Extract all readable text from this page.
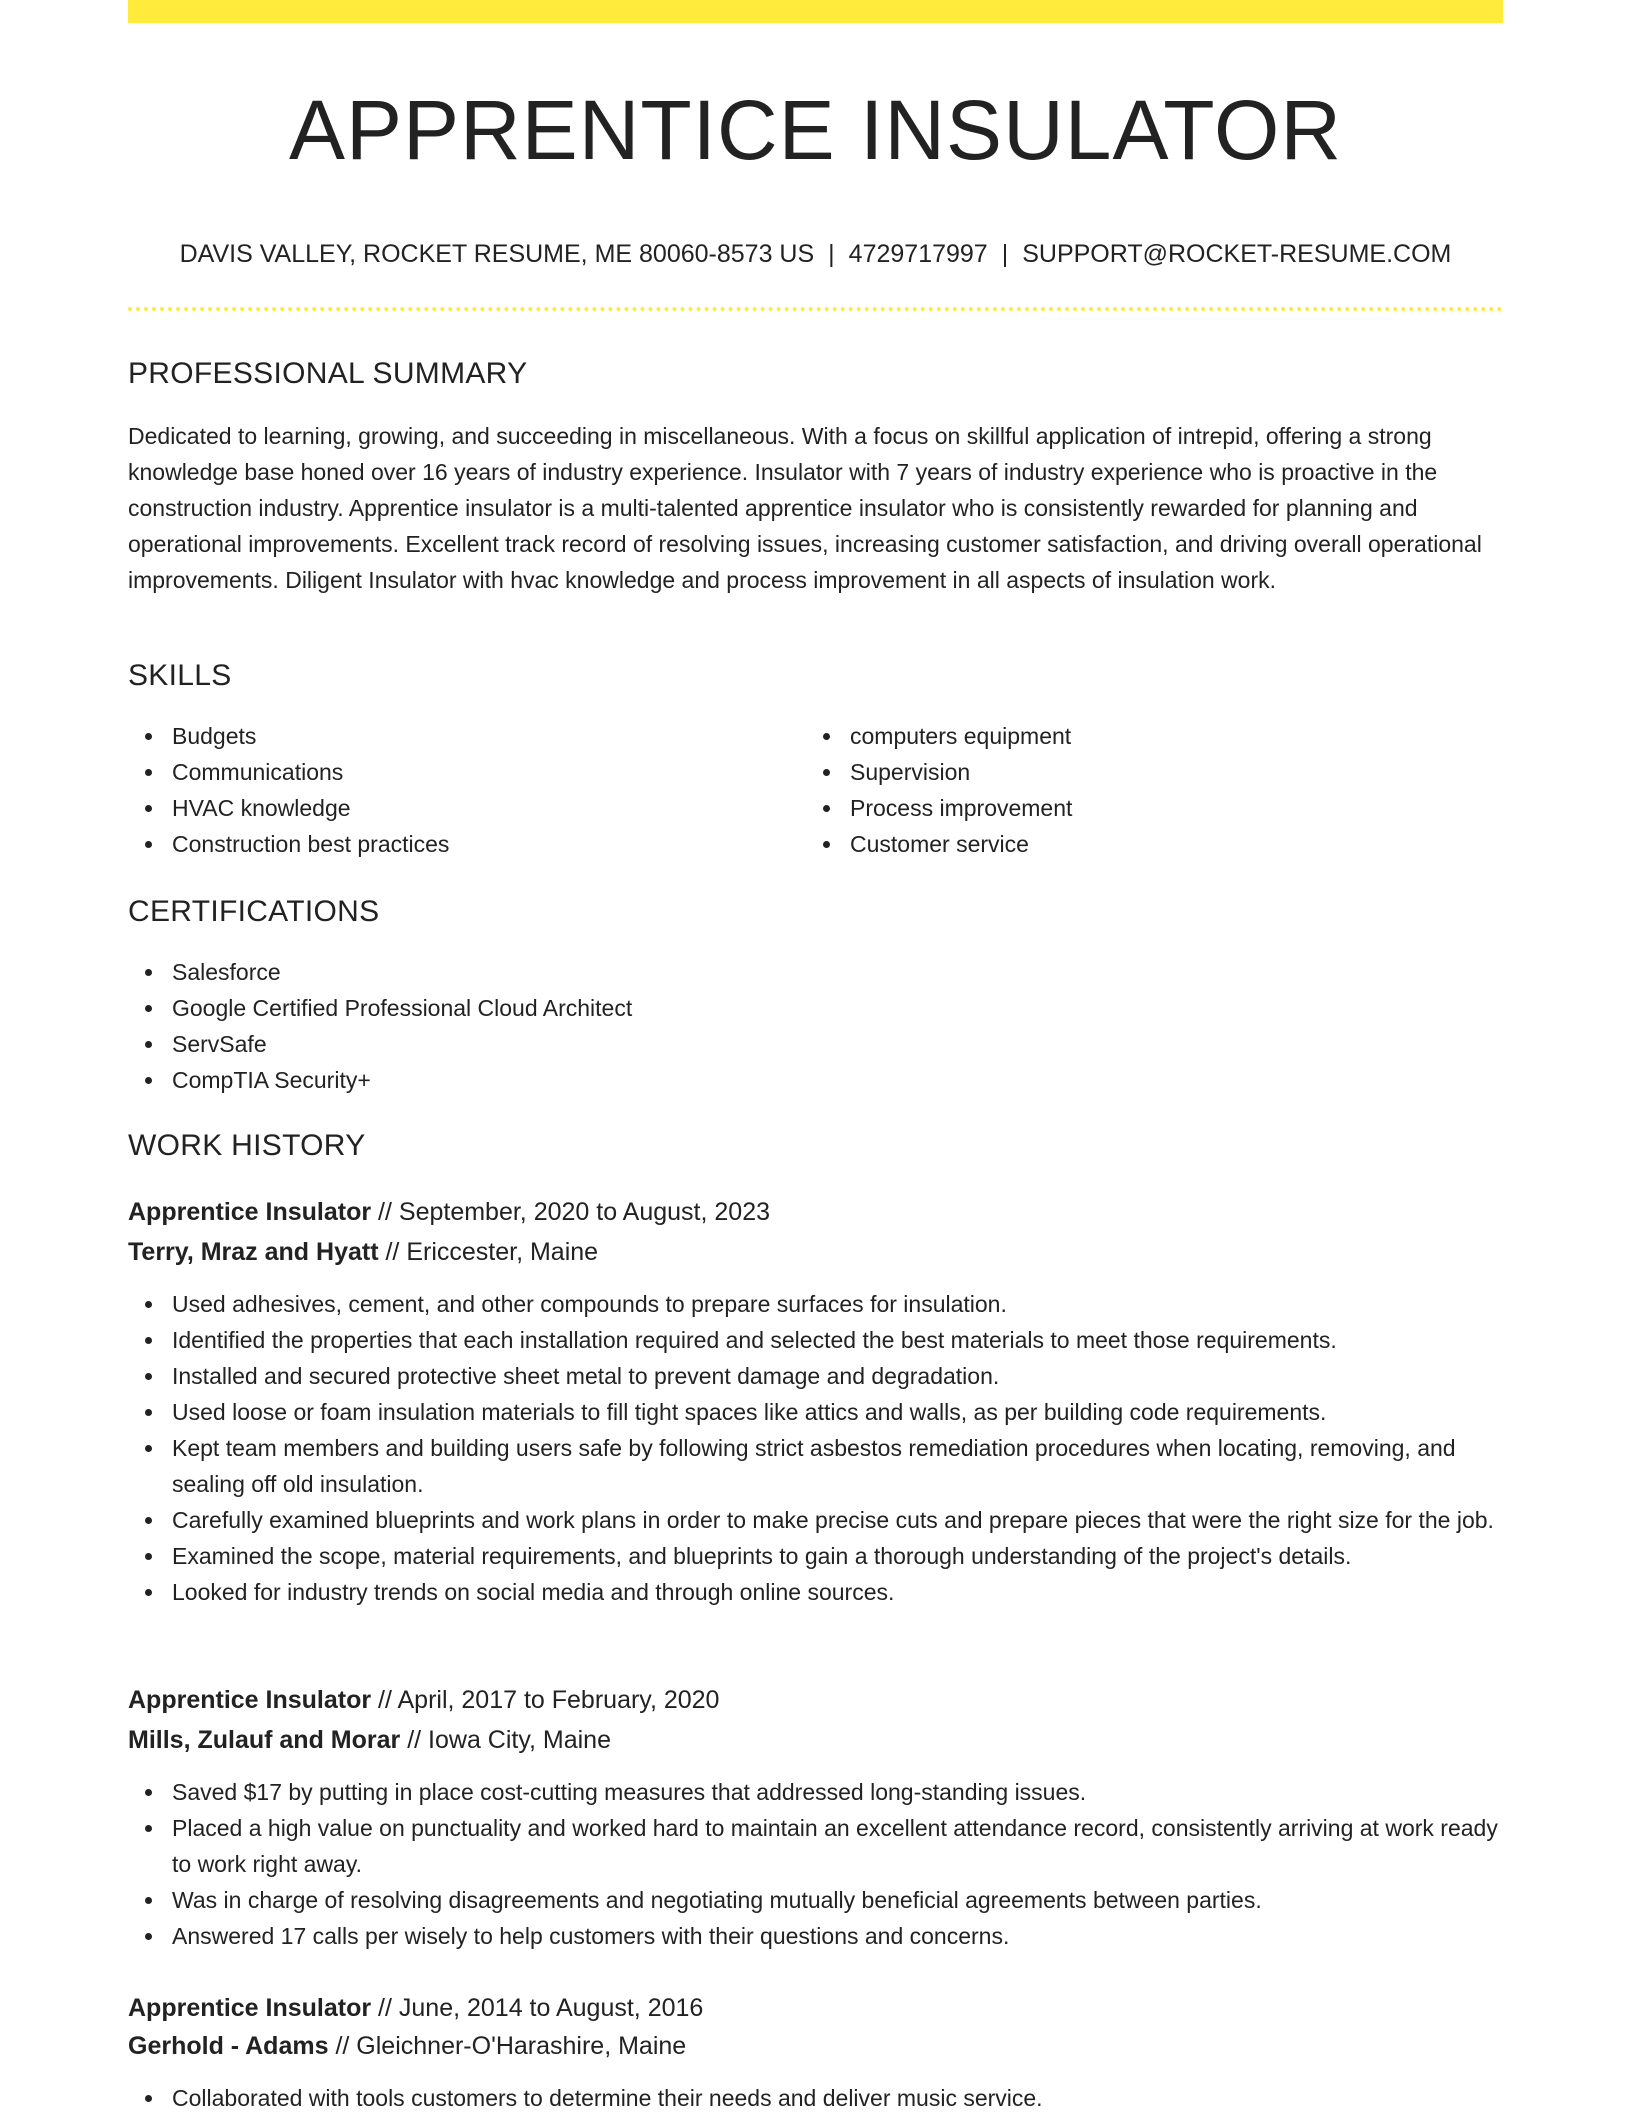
APPRENTICE INSULATOR
DAVIS VALLEY, ROCKET RESUME, ME 80060-8573 US | 4729717997 | SUPPORT@ROCKET-RESUME.COM
PROFESSIONAL SUMMARY

Dedicated to learning, growing, and succeeding in miscellaneous. With a focus on skillful application of intrepid, offering a strong knowledge base honed over 16 years of industry experience. Insulator with 7 years of industry experience who is proactive in the construction industry. Apprentice insulator is a multi-talented apprentice insulator who is consistently rewarded for planning and operational improvements. Excellent track record of resolving issues, increasing customer satisfaction, and driving overall operational improvements. Diligent Insulator with hvac knowledge and process improvement in all aspects of insulation work.

SKILLS
Budgets
Communications
HVAC knowledge
Construction best practices
computers equipment
Supervision
Process improvement
Customer service
CERTIFICATIONS
Salesforce
Google Certified Professional Cloud Architect
ServSafe
CompTIA Security+
WORK HISTORY
Apprentice Insulator // September, 2020 to August, 2023
Terry, Mraz and Hyatt // Ericcester, Maine
Used adhesives, cement, and other compounds to prepare surfaces for insulation.
Identified the properties that each installation required and selected the best materials to meet those requirements.
Installed and secured protective sheet metal to prevent damage and degradation.
Used loose or foam insulation materials to fill tight spaces like attics and walls, as per building code requirements.
Kept team members and building users safe by following strict asbestos remediation procedures when locating, removing, and sealing off old insulation.
Carefully examined blueprints and work plans in order to make precise cuts and prepare pieces that were the right size for the job.
Examined the scope, material requirements, and blueprints to gain a thorough understanding of the project's details.
Looked for industry trends on social media and through online sources.
Apprentice Insulator // April, 2017 to February, 2020
Mills, Zulauf and Morar // Iowa City, Maine
Saved $17 by putting in place cost-cutting measures that addressed long-standing issues.
Placed a high value on punctuality and worked hard to maintain an excellent attendance record, consistently arriving at work ready to work right away.
Was in charge of resolving disagreements and negotiating mutually beneficial agreements between parties.
Answered 17 calls per wisely to help customers with their questions and concerns.
Apprentice Insulator // June, 2014 to August, 2016
Gerhold - Adams // Gleichner-O'Harashire, Maine
Collaborated with tools customers to determine their needs and deliver music service.
